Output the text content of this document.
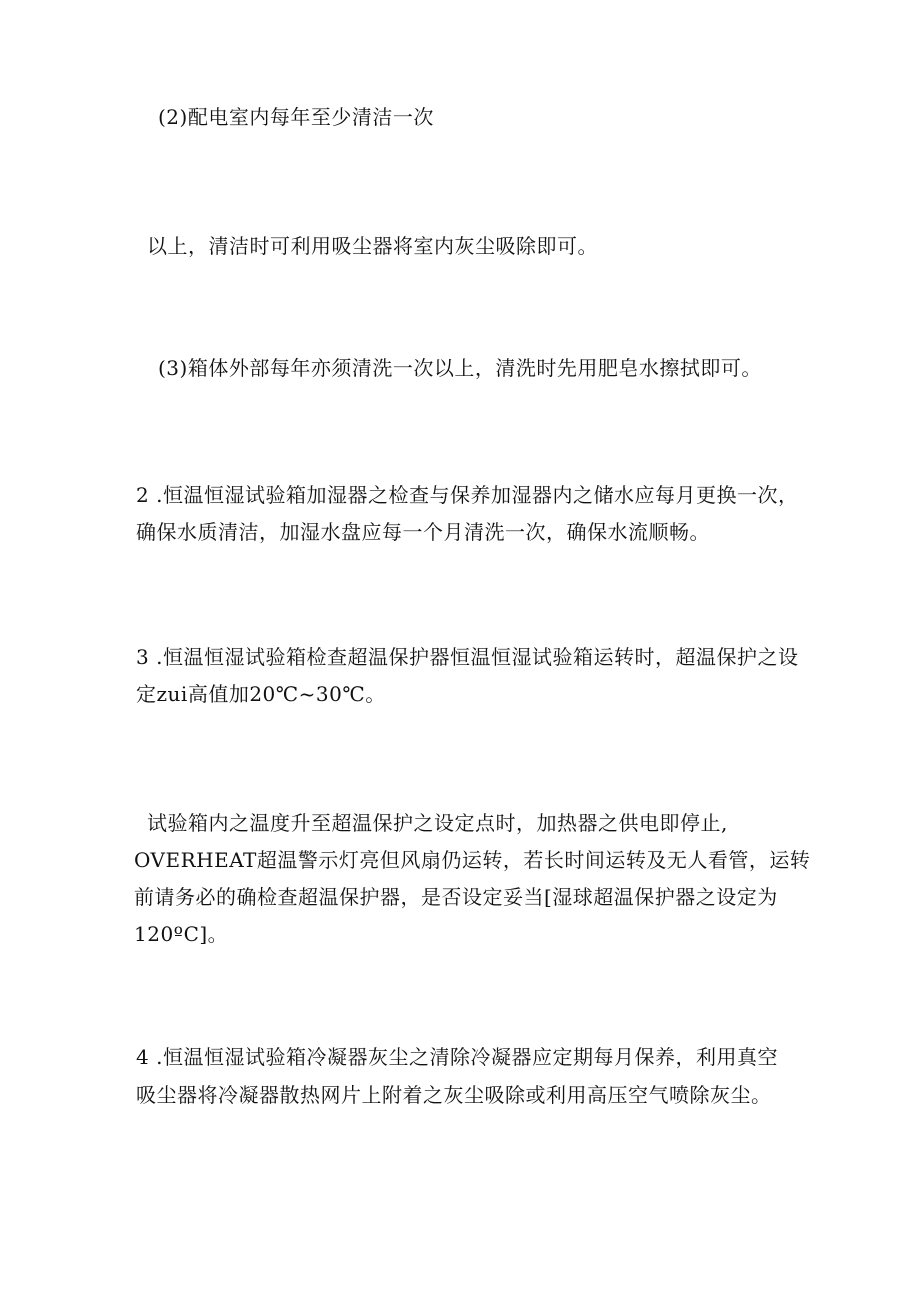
(2)配电室内每年至少清洁一次
以上，清洁时可利用吸尘器将室内灰尘吸除即可。
(3)箱体外部每年亦须清洗一次以上，清洗时先用肥皂水擦拭即可。
2 .恒温恒湿试验箱加湿器之检查与保养加湿器内之储水应每月更换一次，
确保水质清洁，加湿水盘应每一个月清洗一次，确保水流顺畅。
3 .恒温恒湿试验箱检查超温保护器恒温恒湿试验箱运转时，超温保护之设
定zui高值加20℃~30℃。
试验箱内之温度升至超温保护之设定点时，加热器之供电即停止,
OVERHEAT超温警示灯亮但风扇仍运转，若长时间运转及无人看管，运转
前请务必的确检查超温保护器，是否设定妥当[湿球超温保护器之设定为
120ºC]。
4 .恒温恒湿试验箱冷凝器灰尘之清除冷凝器应定期每月保养，利用真空
吸尘器将冷凝器散热网片上附着之灰尘吸除或利用高压空气喷除灰尘。
